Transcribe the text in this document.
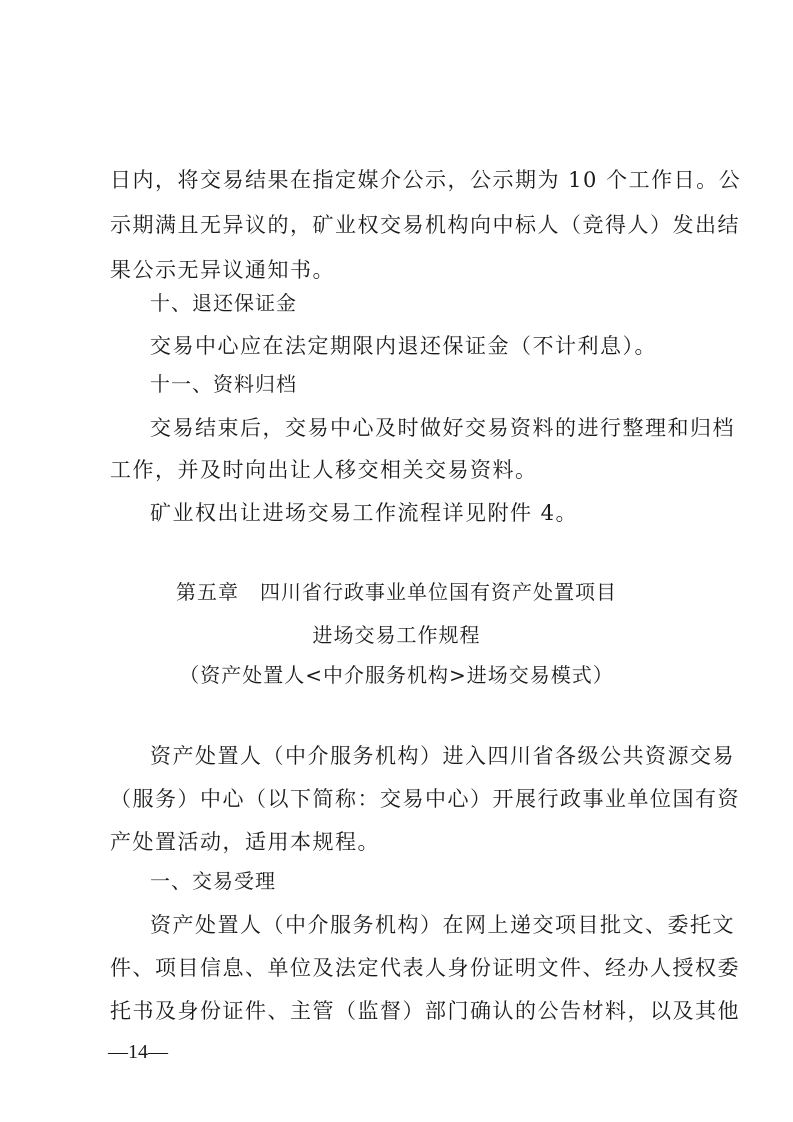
日内，将交易结果在指定媒介公示，公示期为 10 个工作日。公
示期满且无异议的，矿业权交易机构向中标人（竞得人）发出结
果公示无异议通知书。
十、退还保证金
交易中心应在法定期限内退还保证金（不计利息）。
十一、资料归档
交易结束后，交易中心及时做好交易资料的进行整理和归档
工作，并及时向出让人移交相关交易资料。
矿业权出让进场交易工作流程详见附件 4。
第五章　四川省行政事业单位国有资产处置项目
进场交易工作规程
（资产处置人<中介服务机构>进场交易模式）
资产处置人（中介服务机构）进入四川省各级公共资源交易
（服务）中心（以下简称：交易中心）开展行政事业单位国有资
产处置活动，适用本规程。
一、交易受理
资产处置人（中介服务机构）在网上递交项目批文、委托文
件、项目信息、单位及法定代表人身份证明文件、经办人授权委
托书及身份证件、主管（监督）部门确认的公告材料，以及其他
—14—
